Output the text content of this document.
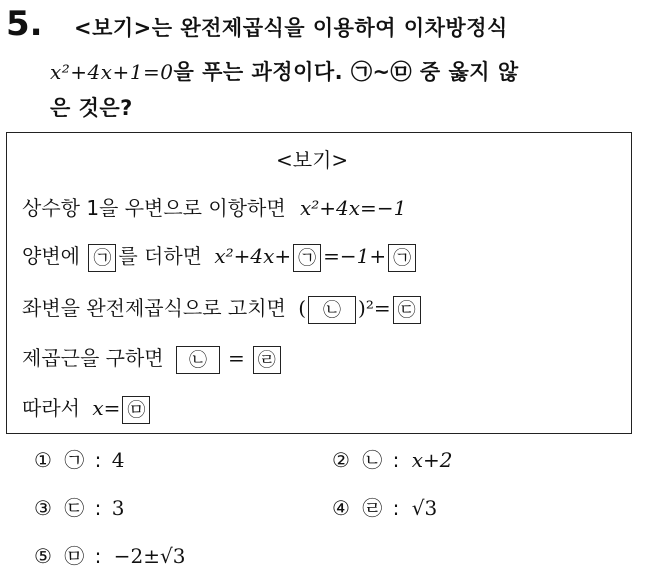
5. <보기>는 완전제곱식을 이용하여 이차방정식
x²+4x+1=0을 푸는 과정이다. ㉠~㉤ 중 옳지 않
은 것은?
<보기>
상수항 1을 우변으로 이항하면 x²+4x=−1
양변에 ㉠ 를 더하면 x²+4x+ ㉠ =−1+ ㉠
좌변을 완전제곱식으로 고치면 ( ㉡ )²= ㉢
제곱근을 구하면 ㉡ = ㉣
따라서 x= ㉤
① ㉠ : 4	② ㉡ : x+2
③ ㉢ : 3	④ ㉣ : √3
⑤ ㉤ : −2±√3
